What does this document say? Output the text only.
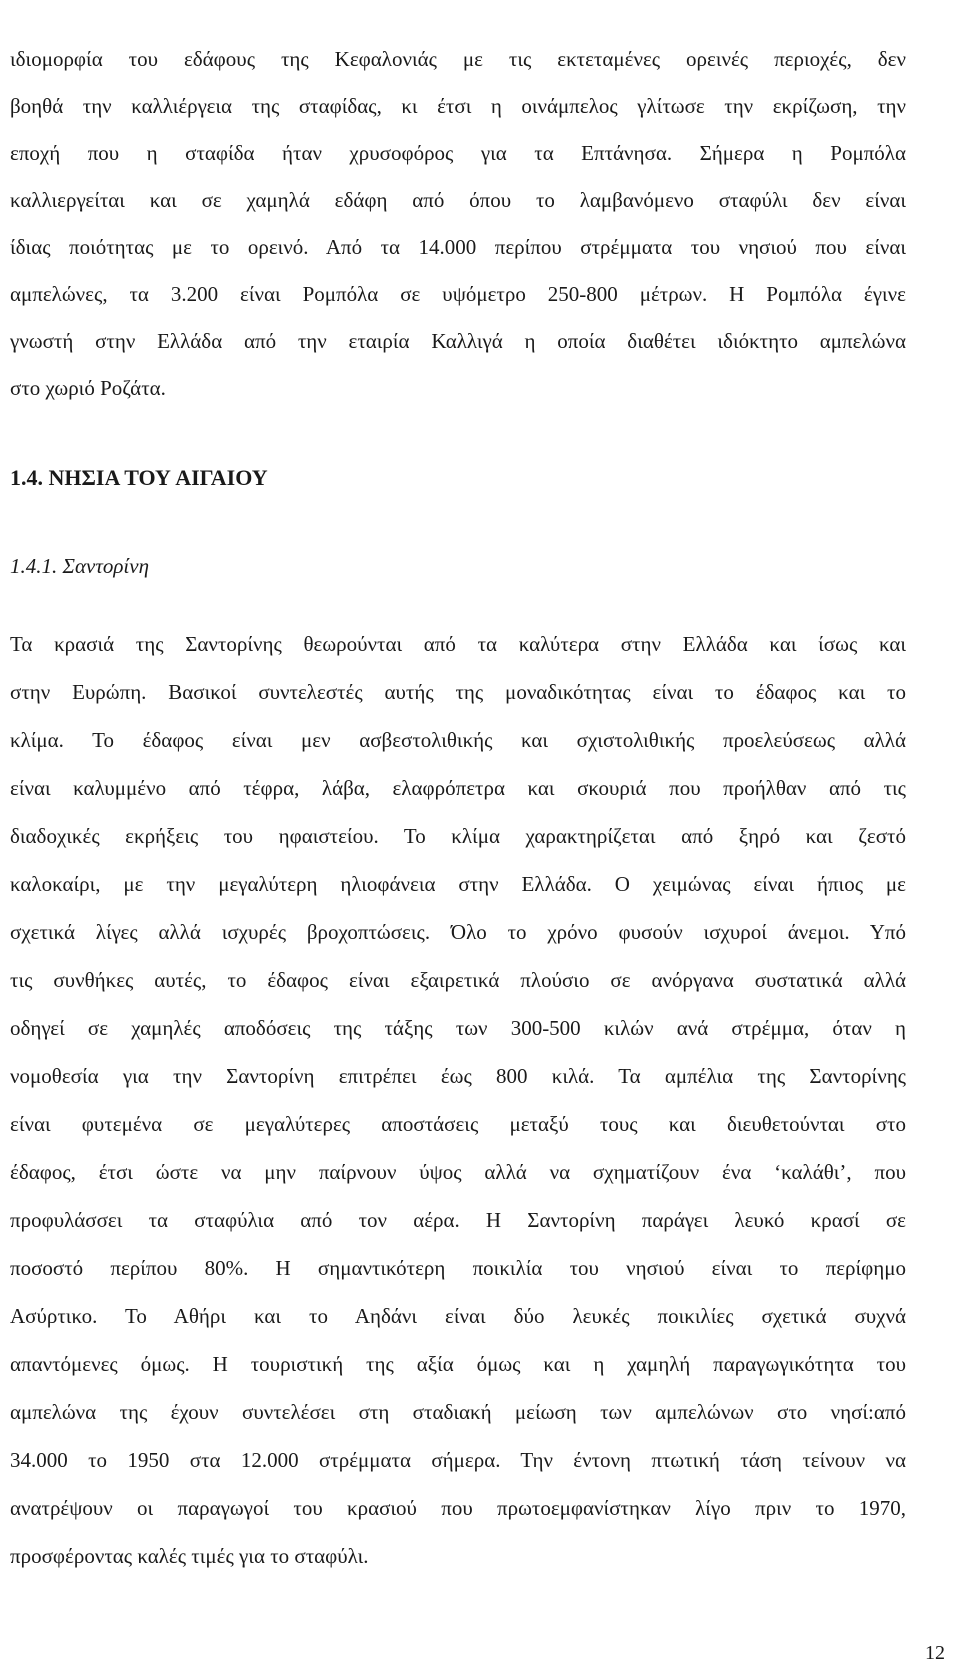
ιδιομορφία του εδάφους της Κεφαλονιάς με τις εκτεταμένες ορεινές περιοχές, δεν
βοηθά την καλλιέργεια της σταφίδας, κι έτσι η οινάμπελος γλίτωσε την εκρίζωση, την
εποχή που η σταφίδα ήταν χρυσοφόρος για τα Επτάνησα. Σήμερα η Ρομπόλα
καλλιεργείται και σε χαμηλά εδάφη από όπου το λαμβανόμενο σταφύλι δεν είναι
ίδιας ποιότητας με το ορεινό. Από τα 14.000 περίπου στρέμματα του νησιού που είναι
αμπελώνες, τα 3.200 είναι Ρομπόλα σε υψόμετρο 250-800 μέτρων. Η Ρομπόλα έγινε
γνωστή στην Ελλάδα από την εταιρία Καλλιγά η οποία διαθέτει ιδιόκτητο αμπελώνα
στο χωριό Ροζάτα.
1.4. ΝΗΣΙΑ ΤΟΥ ΑΙΓΑΙΟΥ
1.4.1. Σαντορίνη
Τα κρασιά της Σαντορίνης θεωρούνται από τα καλύτερα στην Ελλάδα και ίσως και
στην Ευρώπη. Βασικοί συντελεστές αυτής της μοναδικότητας είναι το έδαφος και το
κλίμα. Το έδαφος είναι μεν ασβεστολιθικής και σχιστολιθικής προελεύσεως αλλά
είναι καλυμμένο από τέφρα, λάβα, ελαφρόπετρα και σκουριά που προήλθαν από τις
διαδοχικές εκρήξεις του ηφαιστείου. Το κλίμα χαρακτηρίζεται από ξηρό και ζεστό
καλοκαίρι, με την μεγαλύτερη ηλιοφάνεια στην Ελλάδα. Ο χειμώνας είναι ήπιος με
σχετικά λίγες αλλά ισχυρές βροχοπτώσεις. Όλο το χρόνο φυσούν ισχυροί άνεμοι. Υπό
τις συνθήκες αυτές, το έδαφος είναι εξαιρετικά πλούσιο σε ανόργανα συστατικά αλλά
οδηγεί σε χαμηλές αποδόσεις της τάξης των 300-500 κιλών ανά στρέμμα, όταν η
νομοθεσία για την Σαντορίνη επιτρέπει έως 800 κιλά. Τα αμπέλια της Σαντορίνης
είναι φυτεμένα σε μεγαλύτερες αποστάσεις μεταξύ τους και διευθετούνται στο
έδαφος, έτσι ώστε να μην παίρνουν ύψος αλλά να σχηματίζουν ένα ‘καλάθι’, που
προφυλάσσει τα σταφύλια από τον αέρα. Η Σαντορίνη παράγει λευκό κρασί σε
ποσοστό περίπου 80%. Η σημαντικότερη ποικιλία του νησιού είναι το περίφημο
Ασύρτικο. Το Αθήρι και το Αηδάνι είναι δύο λευκές ποικιλίες σχετικά συχνά
απαντόμενες όμως. Η τουριστική της αξία όμως και η χαμηλή παραγωγικότητα του
αμπελώνα της έχουν συντελέσει στη σταδιακή μείωση των αμπελώνων στο νησί:από
34.000 το 1950 στα 12.000 στρέμματα σήμερα. Την έντονη πτωτική τάση τείνουν να
ανατρέψουν οι παραγωγοί του κρασιού που πρωτοεμφανίστηκαν λίγο πριν το 1970,
προσφέροντας καλές τιμές για το σταφύλι.
12
